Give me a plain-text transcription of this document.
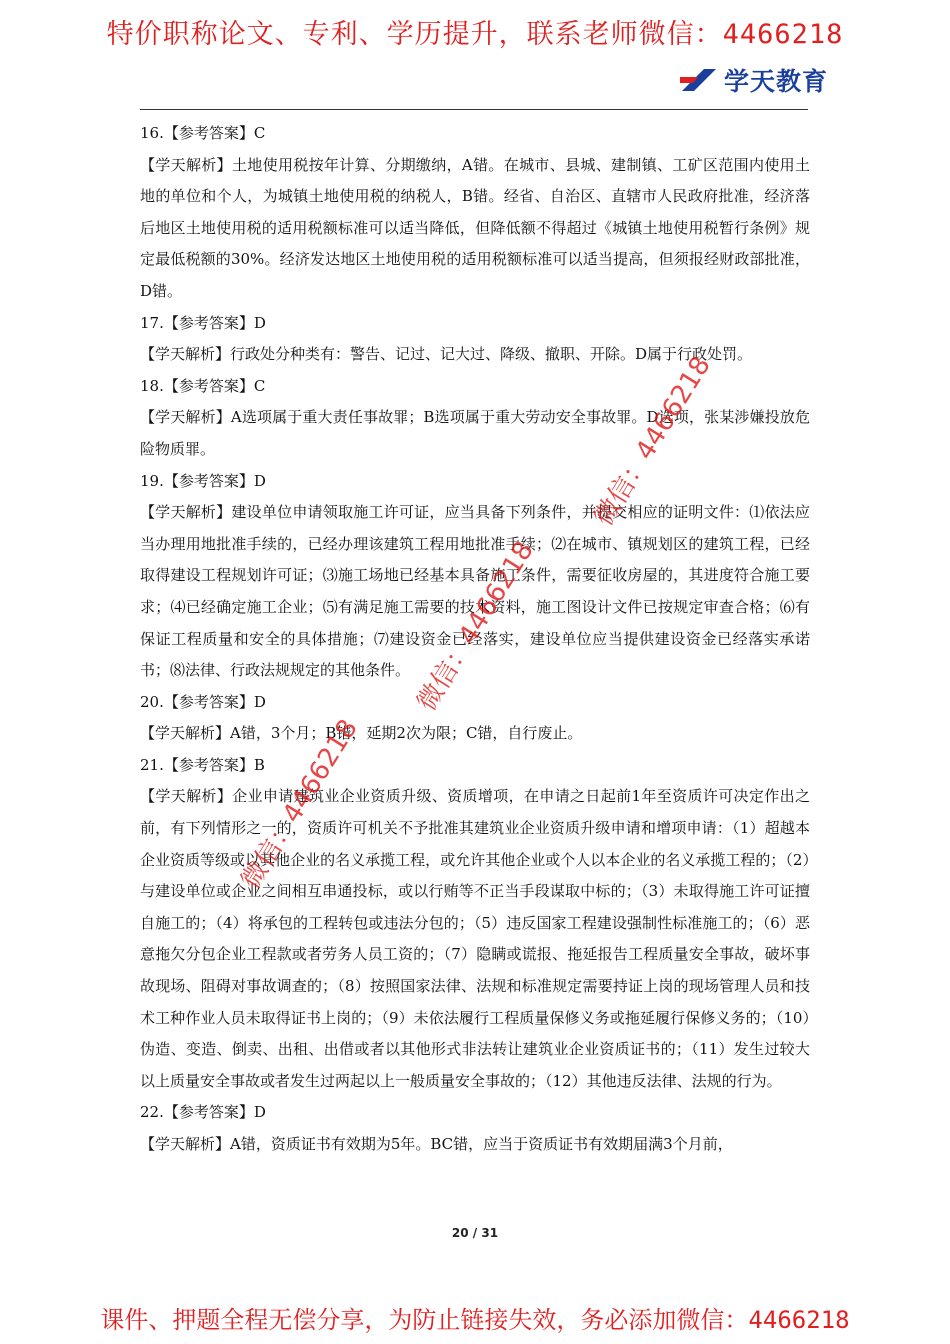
特价职称论文、专利、学历提升，联系老师微信：4466218
学天教育

16.【参考答案】C

【学天解析】土地使用税按年计算、分期缴纳，A错。在城市、县城、建制镇、工矿区范围内使用土地的单位和个人，为城镇土地使用税的纳税人，B错。经省、自治区、直辖市人民政府批准，经济落后地区土地使用税的适用税额标准可以适当降低，但降低额不得超过《城镇土地使用税暂行条例》规定最低税额的30%。经济发达地区土地使用税的适用税额标准可以适当提高，但须报经财政部批准，D错。

17.【参考答案】D

【学天解析】行政处分种类有：警告、记过、记大过、降级、撤职、开除。D属于行政处罚。

18.【参考答案】C

【学天解析】A选项属于重大责任事故罪；B选项属于重大劳动安全事故罪。D选项，张某涉嫌投放危险物质罪。

19.【参考答案】D

【学天解析】建设单位申请领取施工许可证，应当具备下列条件，并提交相应的证明文件：⑴依法应当办理用地批准手续的，已经办理该建筑工程用地批准手续；⑵在城市、镇规划区的建筑工程，已经取得建设工程规划许可证；⑶施工场地已经基本具备施工条件，需要征收房屋的，其进度符合施工要求；⑷已经确定施工企业；⑸有满足施工需要的技术资料，施工图设计文件已按规定审查合格；⑹有保证工程质量和安全的具体措施；⑺建设资金已经落实，建设单位应当提供建设资金已经落实承诺书；⑻法律、行政法规规定的其他条件。

20.【参考答案】D

【学天解析】A错，3个月；B错，延期2次为限；C错，自行废止。

21.【参考答案】B

【学天解析】企业申请建筑业企业资质升级、资质增项，在申请之日起前1年至资质许可决定作出之前，有下列情形之一的，资质许可机关不予批准其建筑业企业资质升级申请和增项申请：（1）超越本企业资质等级或以其他企业的名义承揽工程，或允许其他企业或个人以本企业的名义承揽工程的；（2）与建设单位或企业之间相互串通投标，或以行贿等不正当手段谋取中标的；（3）未取得施工许可证擅自施工的；（4）将承包的工程转包或违法分包的；（5）违反国家工程建设强制性标准施工的；（6）恶意拖欠分包企业工程款或者劳务人员工资的；（7）隐瞒或谎报、拖延报告工程质量安全事故，破坏事故现场、阻碍对事故调查的；（8）按照国家法律、法规和标准规定需要持证上岗的现场管理人员和技术工种作业人员未取得证书上岗的；（9）未依法履行工程质量保修义务或拖延履行保修义务的；（10）伪造、变造、倒卖、出租、出借或者以其他形式非法转让建筑业企业资质证书的；（11）发生过较大以上质量安全事故或者发生过两起以上一般质量安全事故的；（12）其他违反法律、法规的行为。

22.【参考答案】D

【学天解析】A错，资质证书有效期为5年。BC错，应当于资质证书有效期届满3个月前，

微信：4466218
微信：4466218
微信：4466218
20 / 31
课件、押题全程无偿分享，为防止链接失效，务必添加微信：4466218
